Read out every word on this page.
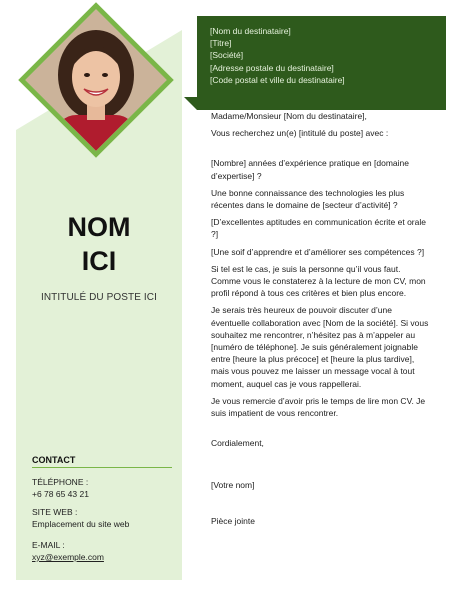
NOM
ICI
INTITULÉ DU POSTE ICI
CONTACT
TÉLÉPHONE :
+6 78 65 43 21
SITE WEB :
Emplacement du site web
E-MAIL :
xyz@exemple.com
[Nom du destinataire]
[Titre]
[Société]
[Adresse postale du destinataire]
[Code postal et ville du destinataire]

Madame/Monsieur [Nom du destinataire],

Vous recherchez un(e) [intitulé du poste] avec :

[Nombre] années d’expérience pratique en [domaine d’expertise] ?

Une bonne connaissance des technologies les plus récentes dans le domaine de [secteur d’activité] ?

[D’excellentes aptitudes en communication écrite et orale ?]

[Une soif d’apprendre et d’améliorer ses compétences ?]

Si tel est le cas, je suis la personne qu’il vous faut. Comme vous le constaterez à la lecture de mon CV, mon profil répond à tous ces critères et bien plus encore.

Je serais très heureux de pouvoir discuter d’une éventuelle collaboration avec [Nom de la société]. Si vous souhaitez me rencontrer, n’hésitez pas à m’appeler au [numéro de téléphone]. Je suis généralement joignable entre [heure la plus précoce] et [heure la plus tardive], mais vous pouvez me laisser un message vocal à tout moment, auquel cas je vous rappellerai.

Je vous remercie d’avoir pris le temps de lire mon CV. Je suis impatient de vous rencontrer.

Cordialement,

[Votre nom]

Pièce jointe
